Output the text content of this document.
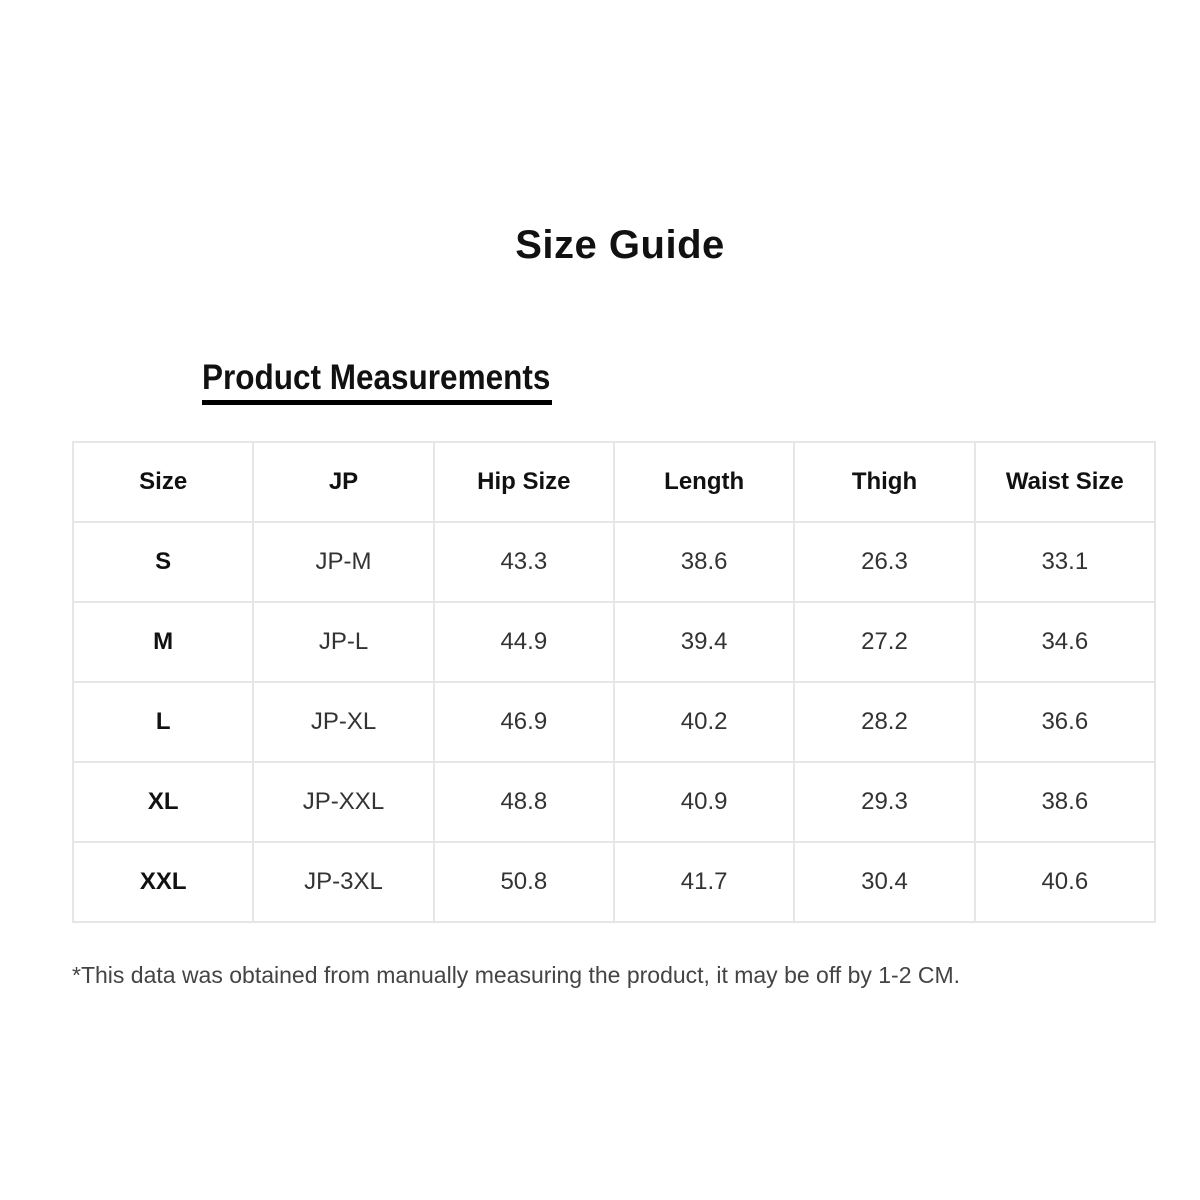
Size Guide
Product Measurements
Size	JP	Hip Size	Length	Thigh	Waist Size
S	JP-M	43.3	38.6	26.3	33.1
M	JP-L	44.9	39.4	27.2	34.6
L	JP-XL	46.9	40.2	28.2	36.6
XL	JP-XXL	48.8	40.9	29.3	38.6
XXL	JP-3XL	50.8	41.7	30.4	40.6
*This data was obtained from manually measuring the product, it may be off by 1-2 CM.
